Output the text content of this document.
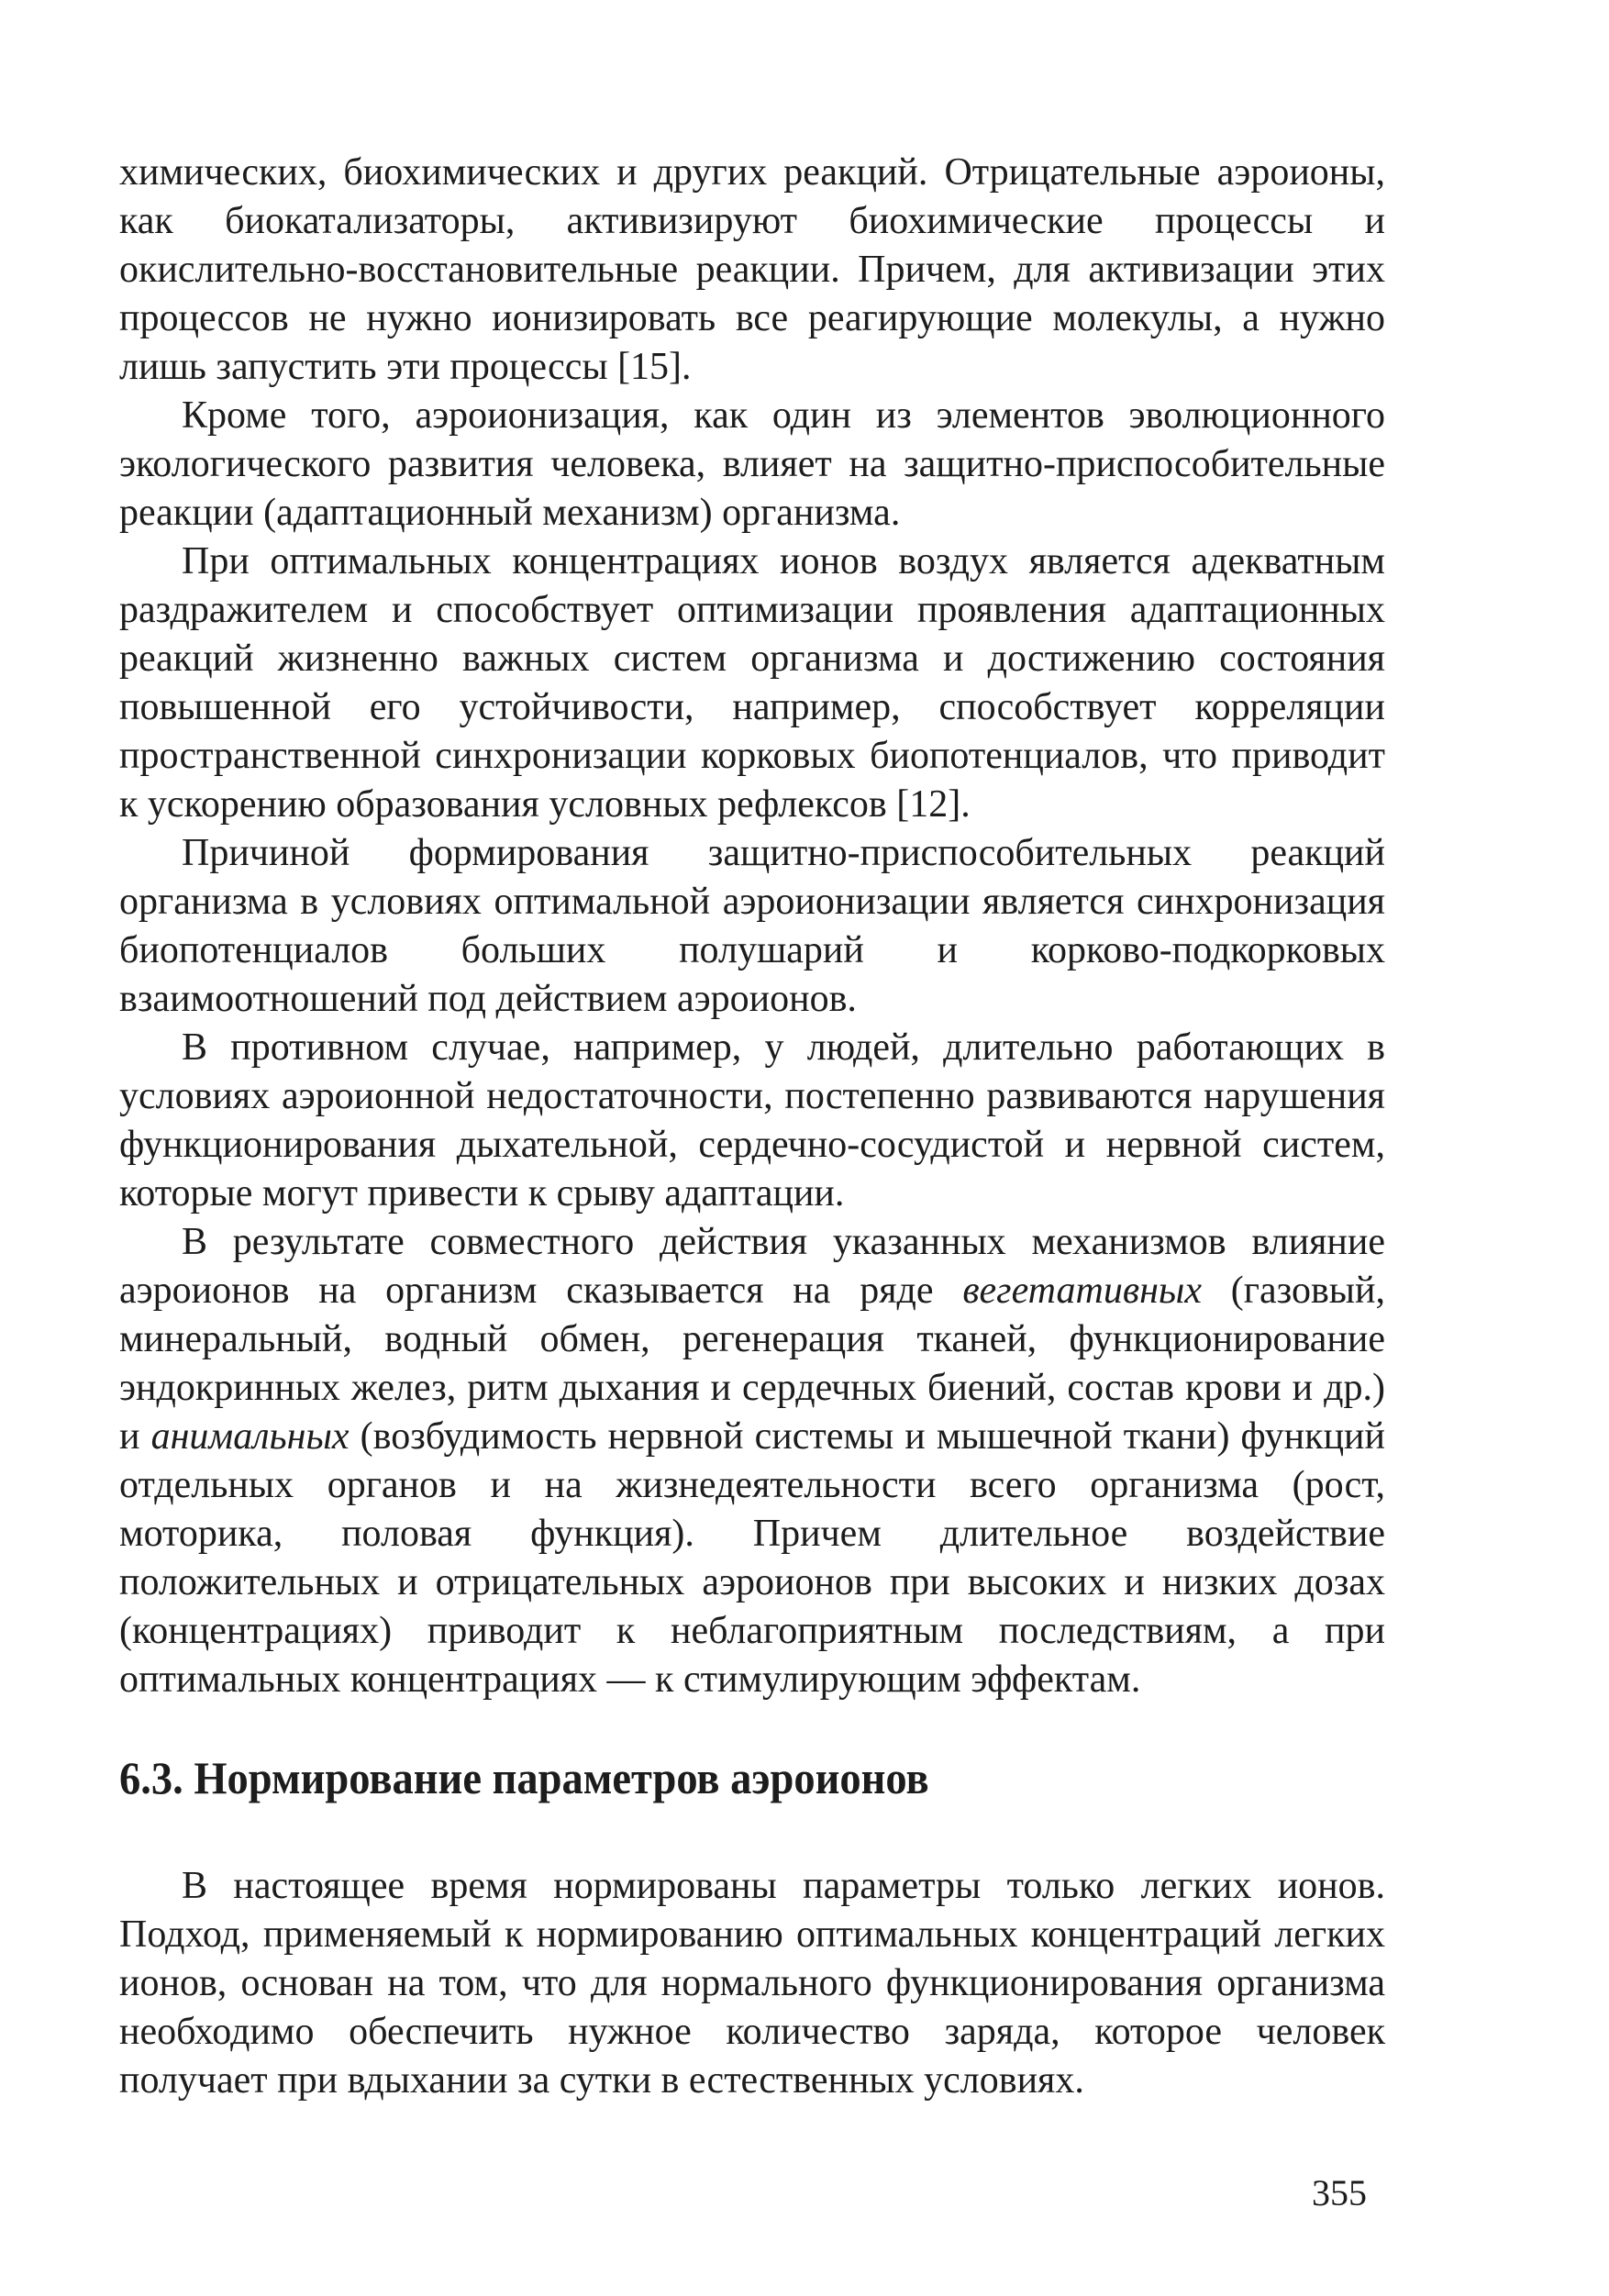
химических, биохимических и других реакций. Отрицательные аэроионы, как биокатализаторы, активизируют биохимические процессы и окислительно-восстановительные реакции. Причем, для активизации этих процессов не нужно ионизировать все реагирующие молекулы, а нужно лишь запустить эти процессы [15].

Кроме того, аэроионизация, как один из элементов эволюционного экологического развития человека, влияет на защитно-приспособительные реакции (адаптационный механизм) организма.

При оптимальных концентрациях ионов воздух является адекватным раздражителем и способствует оптимизации проявления адаптационных реакций жизненно важных систем организма и достижению состояния повышенной его устойчивости, например, способствует корреляции пространственной синхронизации корковых биопотенциалов, что приводит к ускорению образования условных рефлексов [12].

Причиной формирования защитно-приспособительных реакций организма в условиях оптимальной аэроионизации является синхронизация биопотенциалов больших полушарий и корково-подкорковых взаимоотношений под действием аэроионов.

В противном случае, например, у людей, длительно работающих в условиях аэроионной недостаточности, постепенно развиваются нарушения функционирования дыхательной, сердечно-сосудистой и нервной систем, которые могут привести к срыву адаптации.

В результате совместного действия указанных механизмов влияние аэроионов на организм сказывается на ряде вегетативных (газовый, минеральный, водный обмен, регенерация тканей, функционирование эндокринных желез, ритм дыхания и сердечных биений, состав крови и др.) и анимальных (возбудимость нервной системы и мышечной ткани) функций отдельных органов и на жизнедеятельности всего организма (рост, моторика, половая функция). Причем длительное воздействие положительных и отрицательных аэроионов при высоких и низких дозах (концентрациях) приводит к неблагоприятным последствиям, а при оптимальных концентрациях — к стимулирующим эффектам.

6.3. Нормирование параметров аэроионов

В настоящее время нормированы параметры только легких ионов. Подход, применяемый к нормированию оптимальных концентраций легких ионов, основан на том, что для нормального функционирования организма необходимо обеспечить нужное количество заряда, которое человек получает при вдыхании за сутки в естественных условиях.

355
